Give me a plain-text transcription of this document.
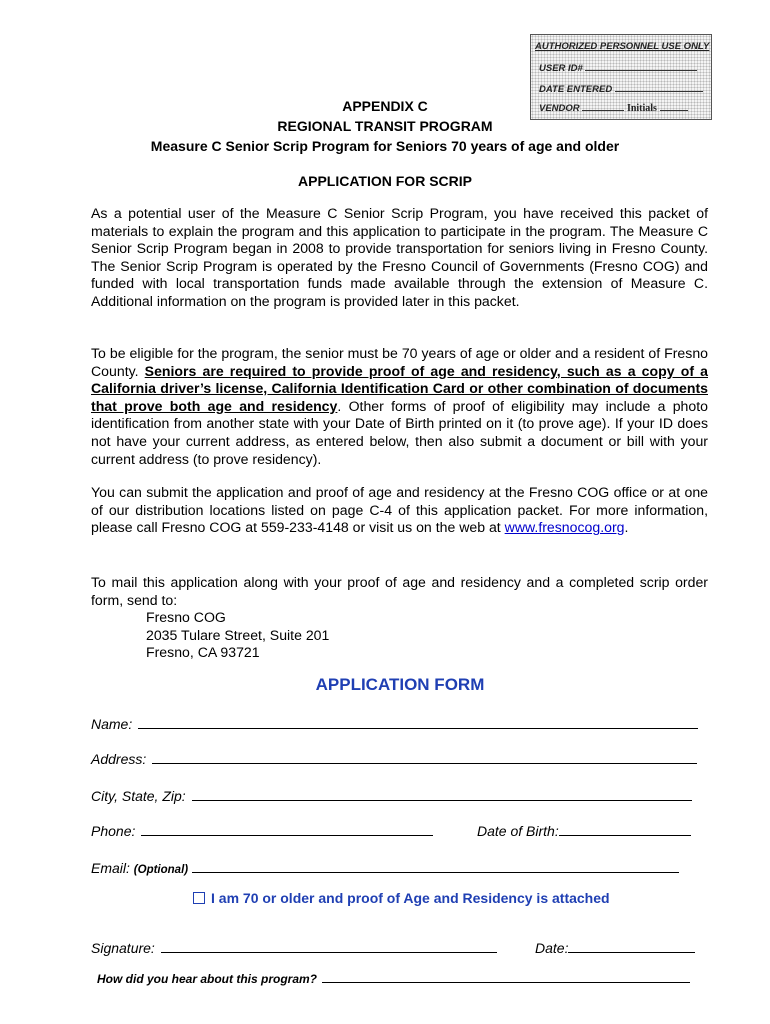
AUTHORIZED PERSONNEL USE ONLY
USER ID#
DATE ENTERED
VENDOR	Initials
APPENDIX C
REGIONAL TRANSIT PROGRAM
Measure C Senior Scrip Program for Seniors 70 years of age and older
APPLICATION FOR SCRIP

As a potential user of the Measure C Senior Scrip Program, you have received this packet of materials to explain the program and this application to participate in the program. The Measure C Senior Scrip Program began in 2008 to provide transportation for seniors living in Fresno County. The Senior Scrip Program is operated by the Fresno Council of Governments (Fresno COG) and funded with local transportation funds made available through the extension of Measure C. Additional information on the program is provided later in this packet.

To be eligible for the program, the senior must be 70 years of age or older and a resident of Fresno County. Seniors are required to provide proof of age and residency, such as a copy of a California driver’s license, California Identification Card or other combination of documents that prove both age and residency. Other forms of proof of eligibility may include a photo identification from another state with your Date of Birth printed on it (to prove age). If your ID does not have your current address, as entered below, then also submit a document or bill with your current address (to prove residency).

You can submit the application and proof of age and residency at the Fresno COG office or at one of our distribution locations listed on page C-4 of this application packet. For more information, please call Fresno COG at 559-233-4148 or visit us on the web at www.fresnocog.org.

To mail this application along with your proof of age and residency and a completed scrip order form, send to:

Fresno COG
2035 Tulare Street, Suite 201
Fresno, CA 93721
APPLICATION FORM
Name:
Address:
City, State, Zip:
Phone:	Date of Birth:
Email: (Optional)
I am 70 or older and proof of Age and Residency is attached
Signature:	Date:
How did you hear about this program?
